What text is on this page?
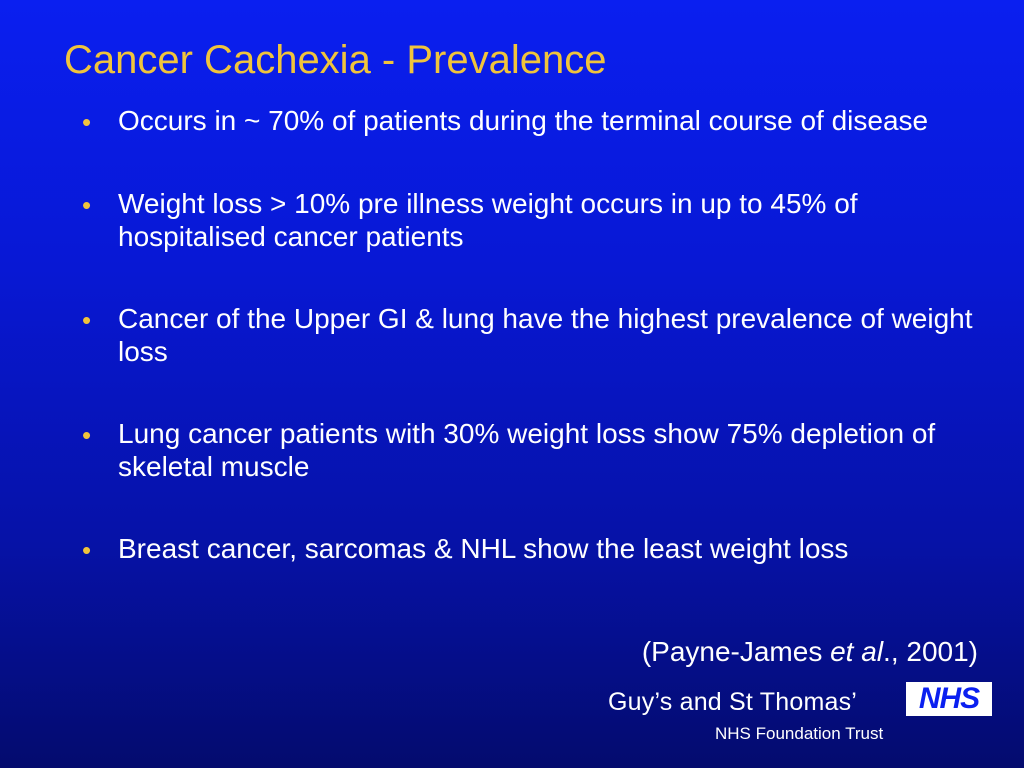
Cancer Cachexia - Prevalence
• Occurs in ~ 70% of patients during the terminal course of disease
• Weight loss > 10% pre illness weight occurs in up to 45% of hospitalised cancer patients
• Cancer of the Upper GI & lung have the highest prevalence of weight loss
• Lung cancer patients with 30% weight loss show 75% depletion of skeletal muscle
• Breast cancer, sarcomas & NHL show the least weight loss
(Payne-James et al., 2001)
Guy’s and St Thomas’
NHS Foundation Trust
NHS
